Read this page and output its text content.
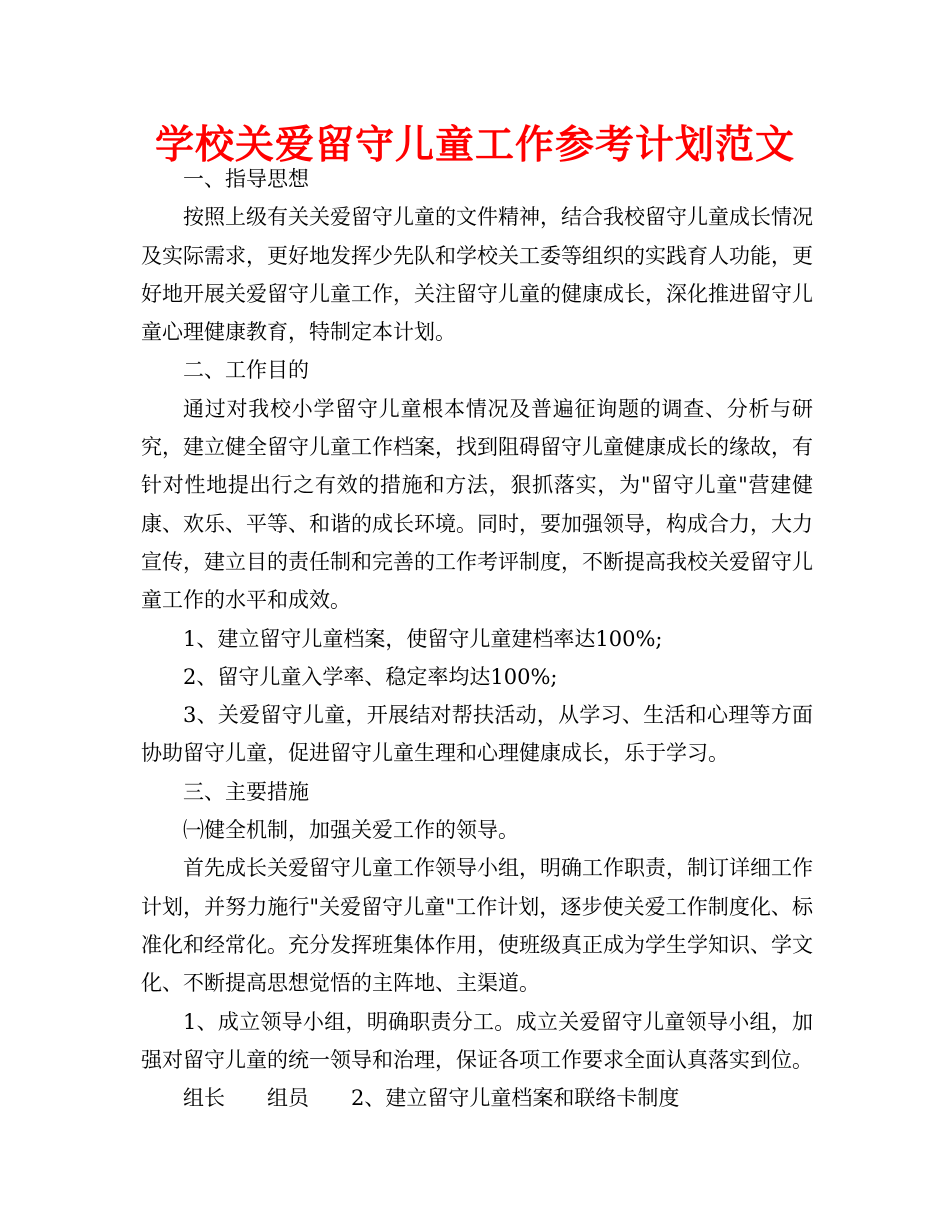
学校关爱留守儿童工作参考计划范文

一、指导思想

按照上级有关关爱留守儿童的文件精神，结合我校留守儿童成长情况及实际需求，更好地发挥少先队和学校关工委等组织的实践育人功能，更好地开展关爱留守儿童工作，关注留守儿童的健康成长，深化推进留守儿童心理健康教育，特制定本计划。

二、工作目的

通过对我校小学留守儿童根本情况及普遍征询题的调查、分析与研究，建立健全留守儿童工作档案，找到阻碍留守儿童健康成长的缘故，有针对性地提出行之有效的措施和方法，狠抓落实，为"留守儿童"营建健康、欢乐、平等、和谐的成长环境。同时，要加强领导，构成合力，大力宣传，建立目的责任制和完善的工作考评制度，不断提高我校关爱留守儿童工作的水平和成效。

1、建立留守儿童档案，使留守儿童建档率达100%;

2、留守儿童入学率、稳定率均达100%;

3、关爱留守儿童，开展结对帮扶活动，从学习、生活和心理等方面协助留守儿童，促进留守儿童生理和心理健康成长，乐于学习。

三、主要措施

㈠健全机制，加强关爱工作的领导。

首先成长关爱留守儿童工作领导小组，明确工作职责，制订详细工作计划，并努力施行"关爱留守儿童"工作计划，逐步使关爱工作制度化、标准化和经常化。充分发挥班集体作用，使班级真正成为学生学知识、学文化、不断提高思想觉悟的主阵地、主渠道。

1、成立领导小组，明确职责分工。成立关爱留守儿童领导小组，加强对留守儿童的统一领导和治理，保证各项工作要求全面认真落实到位。

组长　　组员　　2、建立留守儿童档案和联络卡制度
